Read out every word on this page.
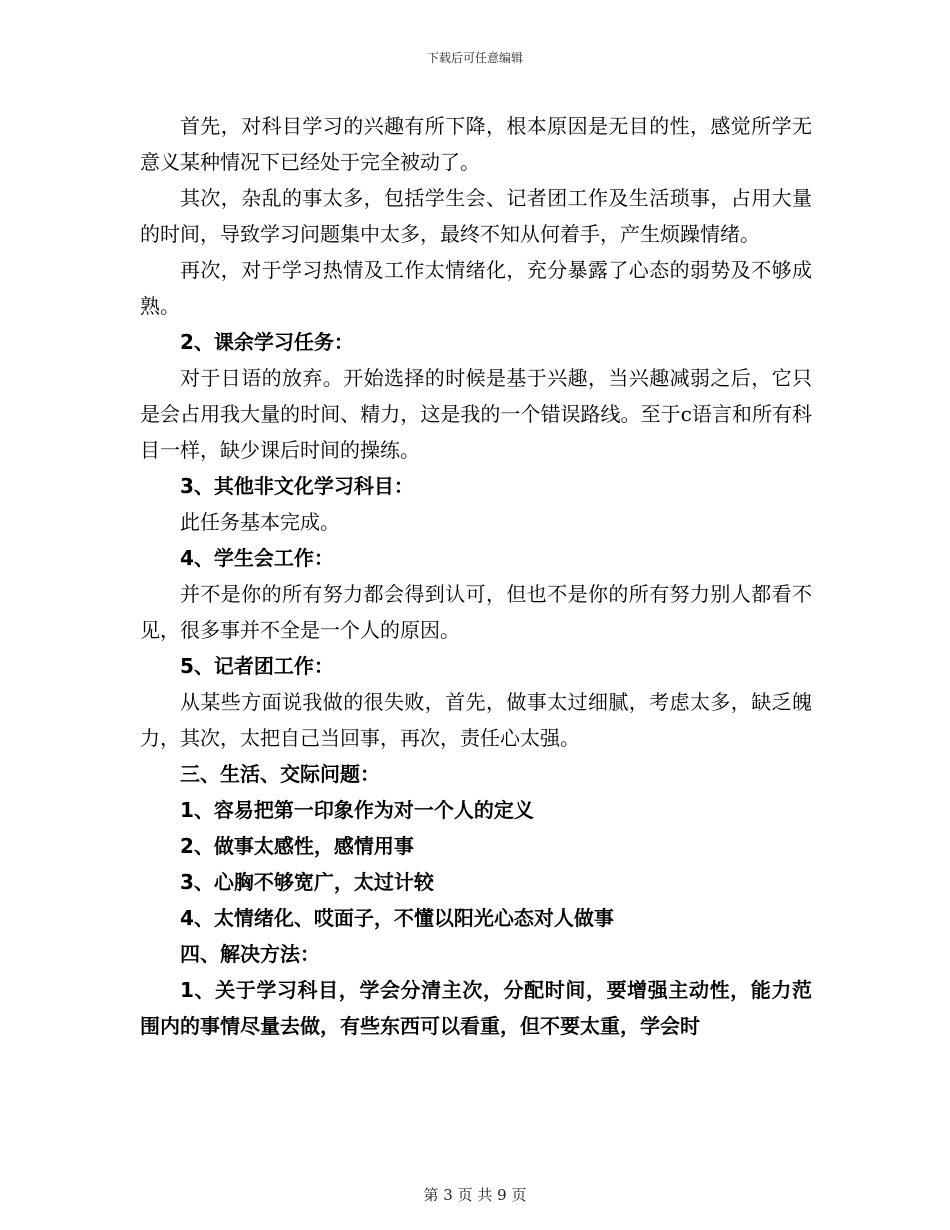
下载后可任意编辑

首先，对科目学习的兴趣有所下降，根本原因是无目的性，感觉所学无意义某种情况下已经处于完全被动了。

其次，杂乱的事太多，包括学生会、记者团工作及生活琐事，占用大量的时间，导致学习问题集中太多，最终不知从何着手，产生烦躁情绪。

再次，对于学习热情及工作太情绪化，充分暴露了心态的弱势及不够成熟。

2、课余学习任务：

对于日语的放弃。开始选择的时候是基于兴趣，当兴趣减弱之后，它只是会占用我大量的时间、精力，这是我的一个错误路线。至于c语言和所有科目一样，缺少课后时间的操练。

3、其他非文化学习科目：

此任务基本完成。

4、学生会工作：

并不是你的所有努力都会得到认可，但也不是你的所有努力别人都看不见，很多事并不全是一个人的原因。

5、记者团工作：

从某些方面说我做的很失败，首先，做事太过细腻，考虑太多，缺乏魄力，其次，太把自己当回事，再次，责任心太强。

三、生活、交际问题：

1、容易把第一印象作为对一个人的定义

2、做事太感性，感情用事

3、心胸不够宽广，太过计较

4、太情绪化、哎面子，不懂以阳光心态对人做事

四、解决方法：

1、关于学习科目，学会分清主次，分配时间，要增强主动性，能力范围内的事情尽量去做，有些东西可以看重，但不要太重，学会时

第 3 页 共 9 页
